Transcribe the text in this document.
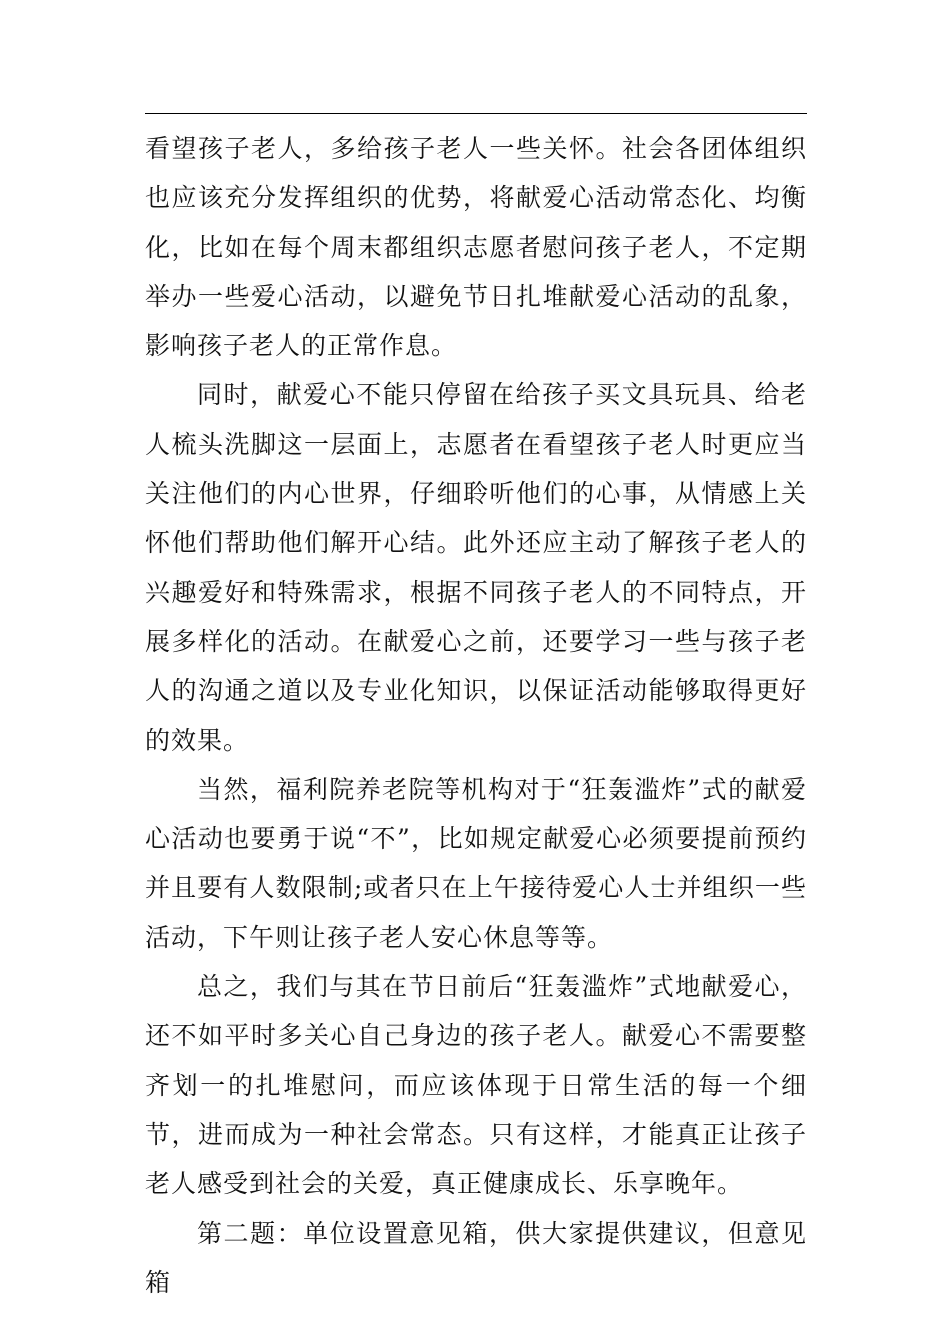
看望孩子老人，多给孩子老人一些关怀。社会各团体组织也应该充分发挥组织的优势，将献爱心活动常态化、均衡化，比如在每个周末都组织志愿者慰问孩子老人，不定期举办一些爱心活动，以避免节日扎堆献爱心活动的乱象，影响孩子老人的正常作息。

同时，献爱心不能只停留在给孩子买文具玩具、给老人梳头洗脚这一层面上，志愿者在看望孩子老人时更应当关注他们的内心世界，仔细聆听他们的心事，从情感上关怀他们帮助他们解开心结。此外还应主动了解孩子老人的兴趣爱好和特殊需求，根据不同孩子老人的不同特点，开展多样化的活动。在献爱心之前，还要学习一些与孩子老人的沟通之道以及专业化知识，以保证活动能够取得更好的效果。

当然，福利院养老院等机构对于“狂轰滥炸”式的献爱心活动也要勇于说“不”，比如规定献爱心必须要提前预约并且要有人数限制;或者只在上午接待爱心人士并组织一些活动，下午则让孩子老人安心休息等等。

总之，我们与其在节日前后“狂轰滥炸”式地献爱心，还不如平时多关心自己身边的孩子老人。献爱心不需要整齐划一的扎堆慰问，而应该体现于日常生活的每一个细节，进而成为一种社会常态。只有这样，才能真正让孩子老人感受到社会的关爱，真正健康成长、乐享晚年。

第二题：单位设置意见箱，供大家提供建议，但意见箱
